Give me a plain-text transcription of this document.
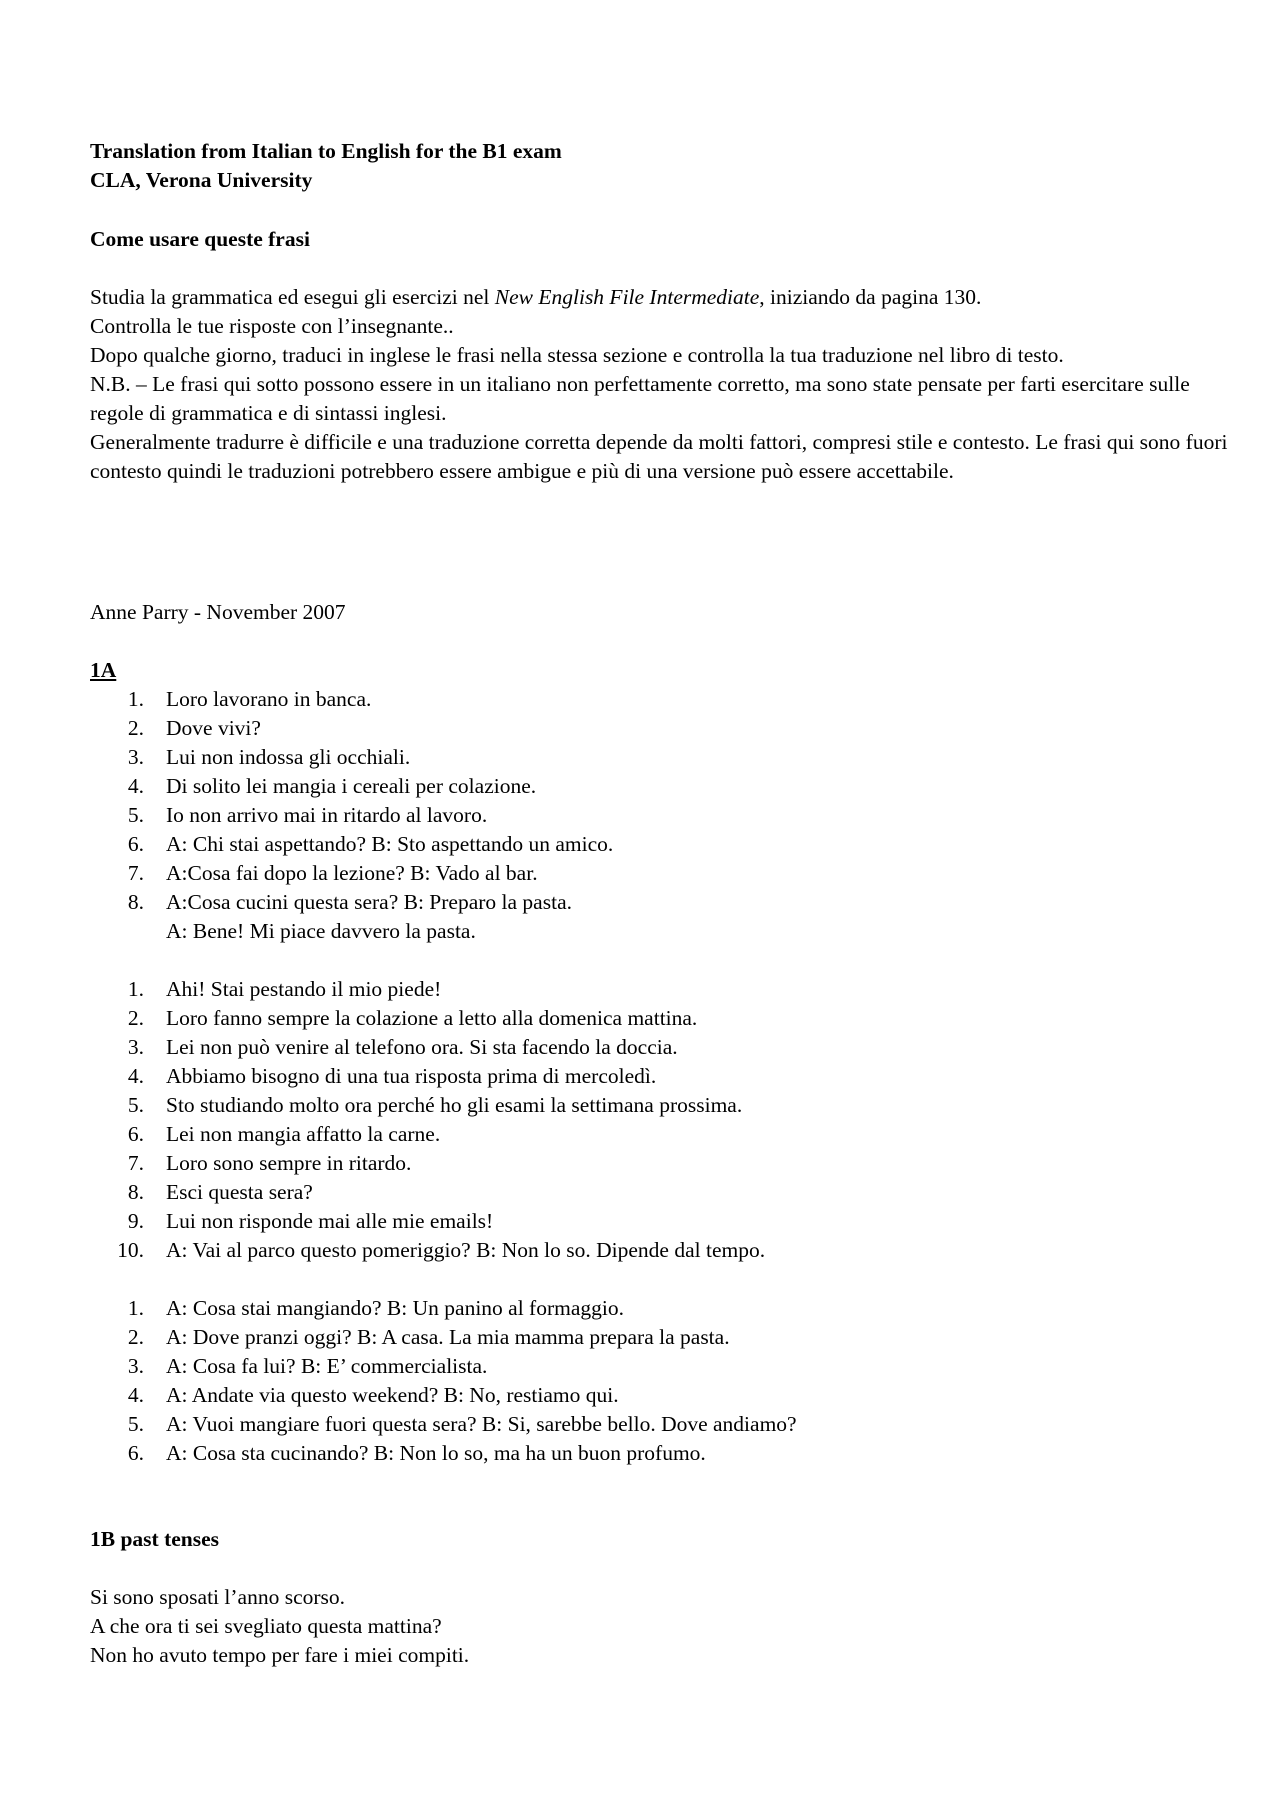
Translation from Italian to English for the B1 exam

CLA, Verona University

Come usare queste frasi

Studia la grammatica ed esegui gli esercizi nel New English File Intermediate, iniziando da pagina 130.

Controlla le tue risposte con l’insegnante..

Dopo qualche giorno, traduci in inglese le frasi nella stessa sezione e controlla la tua traduzione nel libro di testo.

N.B. – Le frasi qui sotto possono essere in un italiano non perfettamente corretto, ma sono state pensate per farti esercitare sulle regole di grammatica e di sintassi inglesi.

Generalmente tradurre è difficile e una traduzione corretta depende da molti fattori, compresi stile e contesto. Le frasi qui sono fuori contesto quindi le traduzioni potrebbero essere ambigue e più di una versione può essere accettabile.

Anne Parry - November 2007
1A
1. Loro lavorano in banca.
2. Dove vivi?
3. Lui non indossa gli occhiali.
4. Di solito lei mangia i cereali per colazione.
5. Io non arrivo mai in ritardo al lavoro.
6. A: Chi stai aspettando? B: Sto aspettando un amico.
7. A:Cosa fai dopo la lezione? B: Vado al bar.
8. A:Cosa cucini questa sera? B: Preparo la pasta.
A: Bene! Mi piace davvero la pasta.
1. Ahi! Stai pestando il mio piede!
2. Loro fanno sempre la colazione a letto alla domenica mattina.
3. Lei non può venire al telefono ora. Si sta facendo la doccia.
4. Abbiamo bisogno di una tua risposta prima di mercoledì.
5. Sto studiando molto ora perché ho gli esami la settimana prossima.
6. Lei non mangia affatto la carne.
7. Loro sono sempre in ritardo.
8. Esci questa sera?
9. Lui non risponde mai alle mie emails!
10. A: Vai al parco questo pomeriggio? B: Non lo so. Dipende dal tempo.
1. A: Cosa stai mangiando? B: Un panino al formaggio.
2. A: Dove pranzi oggi? B: A casa. La mia mamma prepara la pasta.
3. A: Cosa fa lui? B: E’ commercialista.
4. A: Andate via questo weekend? B: No, restiamo qui.
5. A: Vuoi mangiare fuori questa sera? B: Si, sarebbe bello. Dove andiamo?
6. A: Cosa sta cucinando? B: Non lo so, ma ha un buon profumo.
1B past tenses

Si sono sposati l’anno scorso.

A che ora ti sei svegliato questa mattina?

Non ho avuto tempo per fare i miei compiti.
